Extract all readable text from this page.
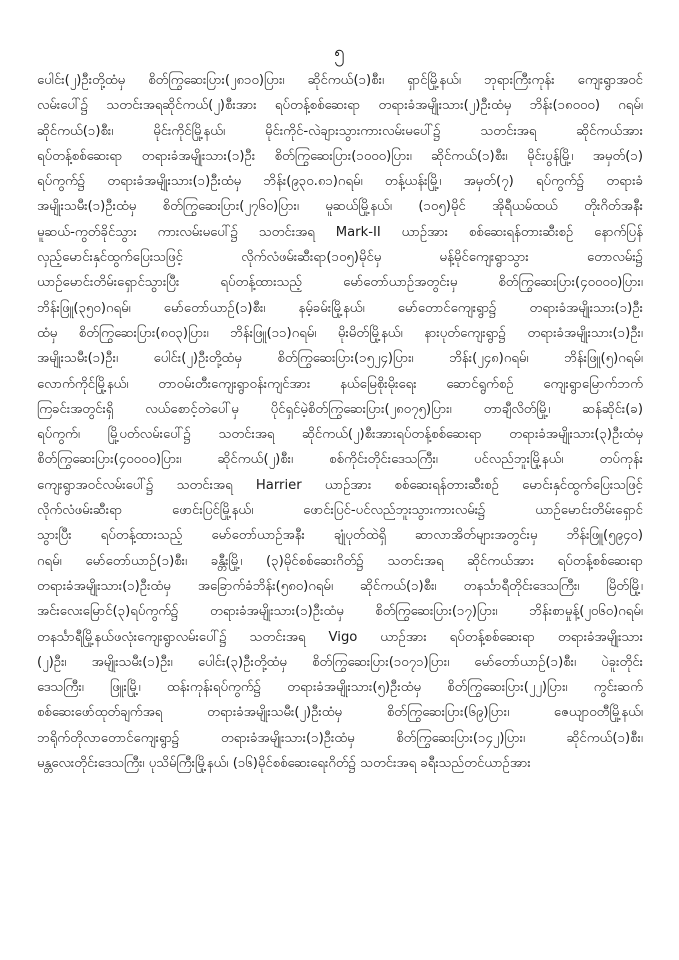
၅
ပေါင်း(၂)ဦးတို့ထံမှ စိတ်ကြွဆေးပြား(၂၈၁၀)ပြား၊ ဆိုင်ကယ်(၁)စီး၊ ရှာင်မြို့နယ်၊ ဘုရားကြီးကုန်း ကျေးရွာအဝင်
လမ်းပေါ်၌ သတင်းအရဆိုင်ကယ်(၂)စီးအား ရပ်တန့်စစ်ဆေးရာ တရားခံအမျိုးသား(၂)ဦးထံမှ ဘိန်း(၁၈၀၀၀) ဂရမ်၊
ဆိုင်ကယ်(၁)စီး၊ မိုင်းကိုင်မြို့နယ်၊ မိုင်းကိုင်-လဲချားသွားကားလမ်းမပေါ်၌ သတင်းအရ ဆိုင်ကယ်အား
ရပ်တန့်စစ်ဆေးရာ တရားခံအမျိုးသား(၁)ဦး စိတ်ကြွဆေးပြား(၁၀၀၀)ပြား၊ ဆိုင်ကယ်(၁)စီး၊ မိုင်းပွန်မြို့၊ အမှတ်(၁)
ရပ်ကွက်၌ တရားခံအမျိုးသား(၁)ဦးထံမှ ဘိန်း(၉၃၀.၈၁)ဂရမ်၊ တန့်ယန်းမြို့၊ အမှတ်(၇) ရပ်ကွက်၌ တရားခံ
အမျိုးသမီး(၁)ဦးထံမှ စိတ်ကြွဆေးပြား(၂၇၆၀)ပြား၊ မူဆယ်မြို့နယ်၊ (၁၀၅)မိုင် အိုရီယမ်ထယ် တိုးဂိတ်အနီး
မူဆယ်-ကွတ်ခိုင်သွား ကားလမ်းမပေါ်၌ သတင်းအရ Mark-II ယာဉ်အား စစ်ဆေးရန်တားဆီးစဉ် နောက်ပြန်
လှည့်မောင်းနှင်ထွက်ပြေးသဖြင့် လိုက်လံဖမ်းဆီးရာ(၁၀၅)မိုင်မှ မန့်မိုင်ကျေးရွာသွား တောလမ်း၌
ယာဉ်မောင်းတိမ်းရှောင်သွားပြီး ရပ်တန့်ထားသည့် မော်တော်ယာဉ်အတွင်းမှ စိတ်ကြွဆေးပြား(၄၀၀၀၀)ပြား၊
ဘိန်းဖြူ(၃၅၀)ဂရမ်၊ မော်တော်ယာဉ်(၁)စီး၊ နမ့်ခမ်းမြို့နယ်၊ မော်တောင်ကျေးရွာ၌ တရားခံအမျိုးသား(၁)ဦး
ထံမှ စိတ်ကြွဆေးပြား(၈၀၃)ပြား၊ ဘိန်းဖြူ(၁၁)ဂရမ်၊ မိုးမိတ်မြို့နယ်၊ နားပုတ်ကျေးရွာ၌ တရားခံအမျိုးသား(၁)ဦး၊
အမျိုးသမီး(၁)ဦး၊ ပေါင်း(၂)ဦးတို့ထံမှ စိတ်ကြွဆေးပြား(၁၅၂၄)ပြား၊ ဘိန်း(၂၄၈)ဂရမ်၊ ဘိန်းဖြူ(၅)ဂရမ်၊
လောက်ကိုင်မြို့နယ်၊ တာဝမ်းတီးကျေးရွာဝန်းကျင်အား နယ်မြေစိုးမိုးရေး ဆောင်ရွက်စဉ် ကျေးရွာမြောက်ဘက်
ကြခင်းအတွင်းရှိ လယ်စောင့်တဲပေါ်မှ ပိုင်ရှင်မဲ့စိတ်ကြွဆေးပြား(၂၈၀၇၅)ပြား၊ တာချီလိတ်မြို့၊ ဆန်ဆိုင်း(ခ)
ရပ်ကွက်၊ မြို့ပတ်လမ်းပေါ်၌ သတင်းအရ ဆိုင်ကယ်(၂)စီးအားရပ်တန့်စစ်ဆေးရာ တရားခံအမျိုးသား(၃)ဦးထံမှ
စိတ်ကြွဆေးပြား(၄၀၀၀၀)ပြား၊ ဆိုင်ကယ်(၂)စီး၊ စစ်ကိုင်းတိုင်းဒေသကြီး၊ ပင်လည်ဘူးမြို့နယ်၊ တပ်ကုန်း
ကျေးရွာအဝင်လမ်းပေါ်၌ သတင်းအရ Harrier ယာဉ်အား စစ်ဆေးရန်တားဆီးစဉ် မောင်းနှင်ထွက်ပြေးသဖြင့်
လိုက်လံဖမ်းဆီးရာ ဖောင်းပြင်မြို့နယ်၊ ဖောင်းပြင်-ပင်လည်ဘူးသွားကားလမ်း၌ ယာဉ်မောင်းတိမ်းရှောင်
သွားပြီး ရပ်တန့်ထားသည့် မော်တော်ယာဉ်အနီး ချုံပုတ်ထဲရှိ ဆာလာအိတ်များအတွင်းမှ ဘိန်းဖြူ(၅၉၄၀)
ဂရမ်၊ မော်တော်ယာဉ်(၁)စီး၊ ခန္တီးမြို့၊ (၃)မိုင်စစ်ဆေးဂိတ်၌ သတင်းအရ ဆိုင်ကယ်အား ရပ်တန့်စစ်ဆေးရာ
တရားခံအမျိုးသား(၁)ဦးထံမှ အခြောက်ခံဘိန်း(၅၈၀)ဂရမ်၊ ဆိုင်ကယ်(၁)စီး၊ တနင်္သာရီတိုင်းဒေသကြီး၊ မြိတ်မြို့၊
အင်းလေးမြောင်(၃)ရပ်ကွက်၌ တရားခံအမျိုးသား(၁)ဦးထံမှ စိတ်ကြွဆေးပြား(၁၇)ပြား၊ ဘိန်းစာမှုန့်(၂၀၆၀)ဂရမ်၊
တနင်္သာရီမြို့နယ်ဖလုံးကျေးရွာလမ်းပေါ်၌ သတင်းအရ Vigo ယာဉ်အား ရပ်တန့်စစ်ဆေးရာ တရားခံအမျိုးသား
(၂)ဦး၊ အမျိုးသမီး(၁)ဦး၊ ပေါင်း(၃)ဦးတို့ထံမှ စိတ်ကြွဆေးပြား(၁၀၇၁)ပြား၊ မော်တော်ယာဉ်(၁)စီး၊ ပဲခူးတိုင်း
ဒေသကြီး၊ ဖြူးမြို့၊ ထန်းကုန်းရပ်ကွက်၌ တရားခံအမျိုးသား(၅)ဦးထံမှ စိတ်ကြွဆေးပြား(၂၂)ပြား၊ ကွင်းဆက်
စစ်ဆေးဖော်ထုတ်ချက်အရ တရားခံအမျိုးသမီး(၂)ဦးထံမှ စိတ်ကြွဆေးပြား(၆၉)ပြား၊ ဇေယျာဝတီမြို့နယ်၊
ဘရိုက်တိုလာတောင်ကျေးရွာ၌ တရားခံအမျိုးသား(၁)ဦးထံမှ စိတ်ကြွဆေးပြား(၁၄၂)ပြား၊ ဆိုင်ကယ်(၁)စီး၊
မန္တလေးတိုင်းဒေသကြီး၊ ပုသိမ်ကြီးမြို့နယ်၊ (၁၆)မိုင်စစ်ဆေးရေးဂိတ်၌ သတင်းအရ ခရီးသည်တင်ယာဉ်အား
